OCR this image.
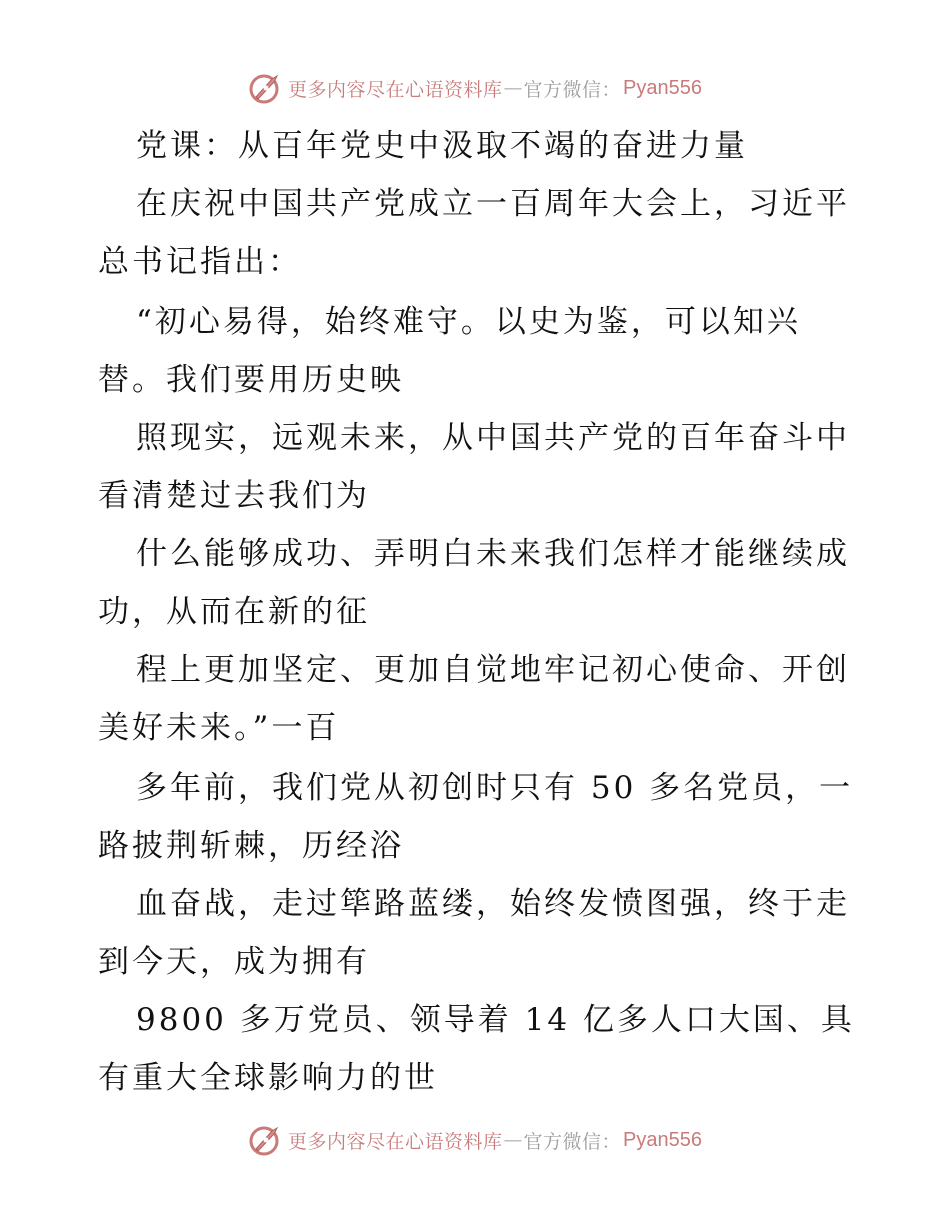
更多内容尽在心语资料库 — 官方微信： Pyan556
党课：从百年党史中汲取不竭的奋进力量
在庆祝中国共产党成立一百周年大会上，习近平
总书记指出：
“初心易得，始终难守。以史为鉴，可以知兴
替。我们要用历史映
照现实，远观未来，从中国共产党的百年奋斗中
看清楚过去我们为
什么能够成功、弄明白未来我们怎样才能继续成
功，从而在新的征
程上更加坚定、更加自觉地牢记初心使命、开创
美好未来。”一百
多年前，我们党从初创时只有 50 多名党员，一
路披荆斩棘，历经浴
血奋战，走过筚路蓝缕，始终发愤图强，终于走
到今天，成为拥有
9800 多万党员、领导着 14 亿多人口大国、具
有重大全球影响力的世
更多内容尽在心语资料库 — 官方微信： Pyan556
